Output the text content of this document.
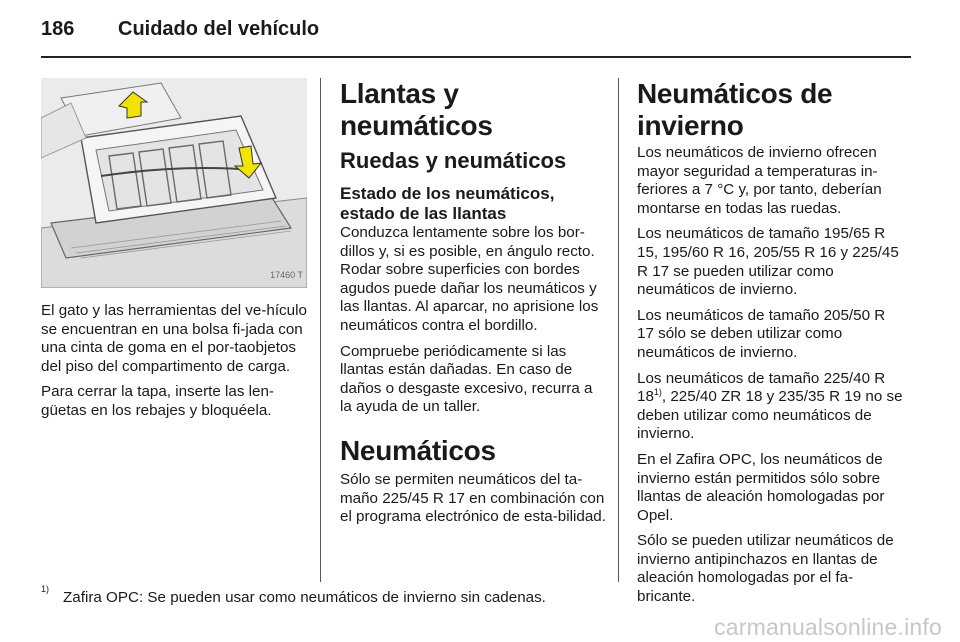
186 Cuidado del vehículo
17460 T

El gato y las herramientas del ve-hículo se encuentran en una bolsa fi-jada con una cinta de goma en el por-taobjetos del piso del compartimento de carga.

Para cerrar la tapa, inserte las len-güetas en los rebajes y bloquéela.

Llantas y neumáticos
Ruedas y neumáticos
Estado de los neumáticos, estado de las llantas

Conduzca lentamente sobre los bor-dillos y, si es posible, en ángulo recto. Rodar sobre superficies con bordes agudos puede dañar los neumáticos y las llantas. Al aparcar, no aprisione los neumáticos contra el bordillo.

Compruebe periódicamente si las llantas están dañadas. En caso de daños o desgaste excesivo, recurra a la ayuda de un taller.

Neumáticos

Sólo se permiten neumáticos del ta-maño 225/45 R 17 en combinación con el programa electrónico de esta-bilidad.

Neumáticos de invierno

Los neumáticos de invierno ofrecen mayor seguridad a temperaturas in-feriores a 7 °C y, por tanto, deberían montarse en todas las ruedas.

Los neumáticos de tamaño 195/65 R 15, 195/60 R 16, 205/55 R 16 y 225/45 R 17 se pueden utilizar como neumáticos de invierno.

Los neumáticos de tamaño 205/50 R 17 sólo se deben utilizar como neumáticos de invierno.

Los neumáticos de tamaño 225/40 R 18$^{1)}$, 225/40 ZR 18 y 235/35 R 19 no se deben utilizar como neumáticos de invierno.

En el Zafira OPC, los neumáticos de invierno están permitidos sólo sobre llantas de aleación homologadas por Opel.

Sólo se pueden utilizar neumáticos de invierno antipinchazos en llantas de aleación homologadas por el fa-bricante.

$^{1)}$Zafira OPC: Se pueden usar como neumáticos de invierno sin cadenas.
carmanualsonline.info
